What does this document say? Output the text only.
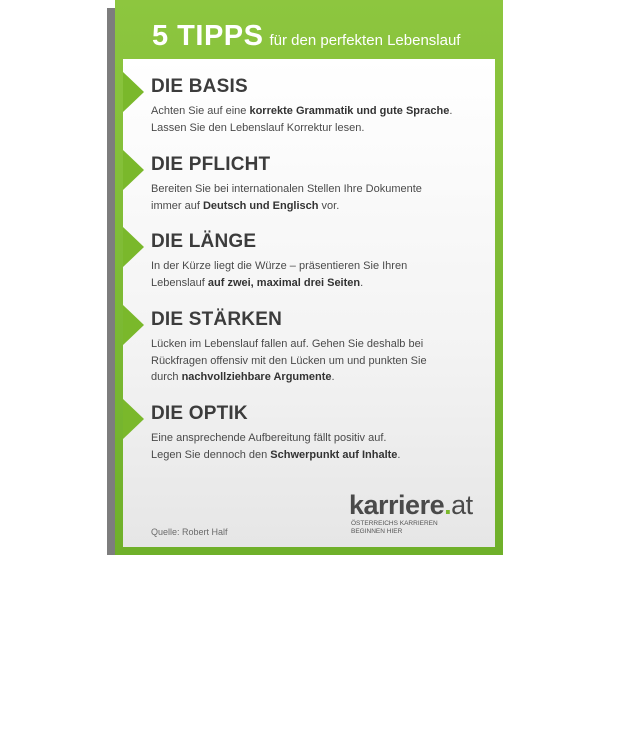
5 TIPPS für den perfekten Lebenslauf
DIE BASIS
Achten Sie auf eine korrekte Grammatik und gute Sprache.
Lassen Sie den Lebenslauf Korrektur lesen.
DIE PFLICHT
Bereiten Sie bei internationalen Stellen Ihre Dokumente
immer auf Deutsch und Englisch vor.
DIE LÄNGE
In der Kürze liegt die Würze – präsentieren Sie Ihren
Lebenslauf auf zwei, maximal drei Seiten.
DIE STÄRKEN
Lücken im Lebenslauf fallen auf. Gehen Sie deshalb bei
Rückfragen offensiv mit den Lücken um und punkten Sie
durch nachvollziehbare Argumente.
DIE OPTIK
Eine ansprechende Aufbereitung fällt positiv auf.
Legen Sie dennoch den Schwerpunkt auf Inhalte.
Quelle: Robert Half
karriere.at
ÖSTERREICHS KARRIEREN
BEGINNEN HIER
